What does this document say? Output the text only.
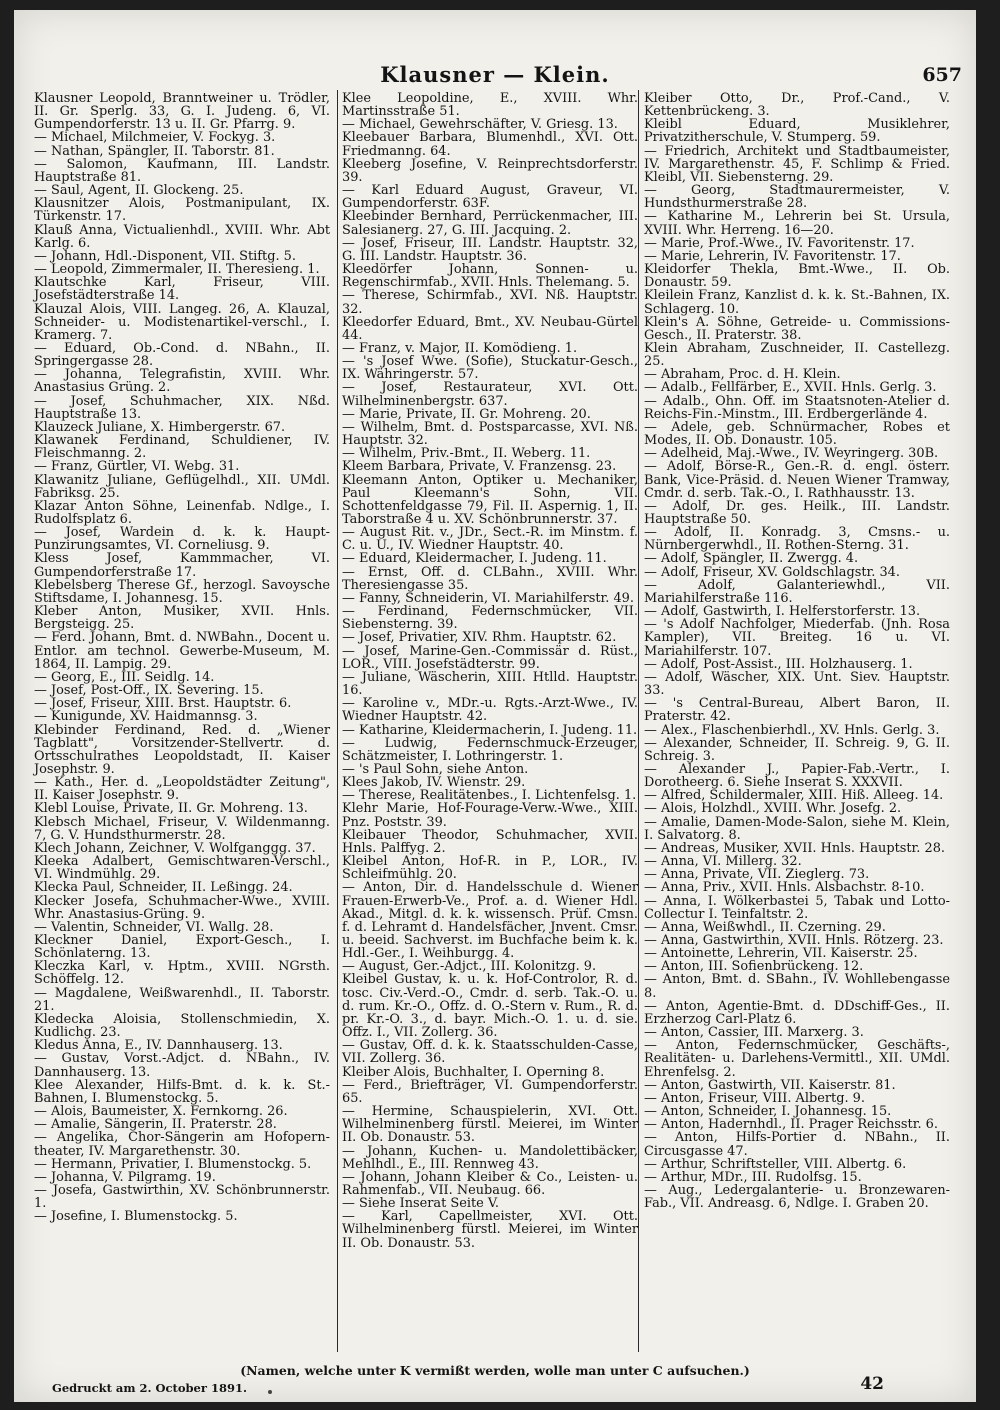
Klausner — Klein.	657
Klausner Leopold, Branntweiner u. Trödler, II. Gr. Sperlg. 33, G. I. Judeng. 6, VI. Gumpendorferstr. 13 u. II. Gr. Pfarrg. 9.
— Michael, Milchmeier, V. Fockyg. 3.
— Nathan, Spängler, II. Taborstr. 81.
— Salomon, Kaufmann, III. Landstr. Hauptstraße 81.
— Saul, Agent, II. Glockeng. 25.
Klausnitzer Alois, Postmanipulant, IX. Türkenstr. 17.
Klauß Anna, Victualienhdl., XVIII. Whr. Abt Karlg. 6.
— Johann, Hdl.-Disponent, VII. Stiftg. 5.
— Leopold, Zimmermaler, II. Theresieng. 1.
Klautschke Karl, Friseur, VIII. Josefstädterstraße 14.
Klauzal Alois, VIII. Langeg. 26, A. Klauzal, Schneider- u. Modistenartikel-verschl., I. Kramerg. 7.
— Eduard, Ob.-Cond. d. NBahn., II. Springergasse 28.
— Johanna, Telegrafistin, XVIII. Whr. Anastasius Grüng. 2.
— Josef, Schuhmacher, XIX. Nßd. Hauptstraße 13.
Klauzeck Juliane, X. Himbergerstr. 67.
Klawanek Ferdinand, Schuldiener, IV. Fleischmanng. 2.
— Franz, Gürtler, VI. Webg. 31.
Klawanitz Juliane, Geflügelhdl., XII. UMdl. Fabriksg. 25.
Klazar Anton Söhne, Leinenfab. Ndlge., I. Rudolfsplatz 6.
— Josef, Wardein d. k. k. Haupt-Punzirungsamtes, VI. Corneliusg. 9.
Kless Josef, Kammmacher, VI. Gumpendorferstraße 17.
Klebelsberg Therese Gf., herzogl. Savoysche Stiftsdame, I. Johannesg. 15.
Kleber Anton, Musiker, XVII. Hnls. Bergsteigg. 25.
— Ferd. Johann, Bmt. d. NWBahn., Docent u. Entlor. am technol. Gewerbe-Museum, M. 1864, II. Lampig. 29.
— Georg, E., III. Seidlg. 14.
— Josef, Post-Off., IX. Severing. 15.
— Josef, Friseur, XIII. Brst. Hauptstr. 6.
— Kunigunde, XV. Haidmannsg. 3.
Klebinder Ferdinand, Red. d. „Wiener Tagblatt", Vorsitzender-Stellvertr. d. Ortsschulrathes Leopoldstadt, II. Kaiser Josephstr. 9.
— Kath., Her. d. „Leopoldstädter Zeitung", II. Kaiser Josephstr. 9.
Klebl Louise, Private, II. Gr. Mohreng. 13.
Klebsch Michael, Friseur, V. Wildenmanng. 7, G. V. Hundsthurmerstr. 28.
Klech Johann, Zeichner, V. Wolfganggg. 37.
Kleeka Adalbert, Gemischtwaren-Verschl., VI. Windmühlg. 29.
Klecka Paul, Schneider, II. Leßingg. 24.
Klecker Josefa, Schuhmacher-Wwe., XVIII. Whr. Anastasius-Grüng. 9.
— Valentin, Schneider, VI. Wallg. 28.
Kleckner Daniel, Export-Gesch., I. Schönlaterng. 13.
Kleczka Karl, v. Hptm., XVIII. NGrsth. Schöffelg. 12.
— Magdalene, Weißwarenhdl., II. Taborstr. 21.
Kledecka Aloisia, Stollenschmiedin, X. Kudlichg. 23.
Kledus Anna, E., IV. Dannhauserg. 13.
— Gustav, Vorst.-Adjct. d. NBahn., IV. Dannhauserg. 13.
Klee Alexander, Hilfs-Bmt. d. k. k. St.-Bahnen, I. Blumenstockg. 5.
— Alois, Baumeister, X. Fernkorng. 26.
— Amalie, Sängerin, II. Praterstr. 28.
— Angelika, Chor-Sängerin am Hofopern-theater, IV. Margarethenstr. 30.
— Hermann, Privatier, I. Blumenstockg. 5.
— Johanna, V. Pilgramg. 19.
— Josefa, Gastwirthin, XV. Schönbrunnerstr. 1.
— Josefine, I. Blumenstockg. 5.
Klee Leopoldine, E., XVIII. Whr. Martinsstraße 51.
— Michael, Gewehrschäfter, V. Griesg. 13.
Kleebauer Barbara, Blumenhdl., XVI. Ott. Friedmanng. 64.
Kleeberg Josefine, V. Reinprechtsdorferstr. 39.
— Karl Eduard August, Graveur, VI. Gumpendorferstr. 63F.
Kleebinder Bernhard, Perrückenmacher, III. Salesianerg. 27, G. III. Jacquing. 2.
— Josef, Friseur, III. Landstr. Hauptstr. 32, G. III. Landstr. Hauptstr. 36.
Kleedörfer Johann, Sonnen- u. Regenschirmfab., XVII. Hnls. Thelemang. 5.
— Therese, Schirmfab., XVI. Nß. Hauptstr. 32.
Kleedorfer Eduard, Bmt., XV. Neubau-Gürtel 44.
— Franz, v. Major, II. Komödieng. 1.
— 's Josef Wwe. (Sofie), Stuckatur-Gesch., IX. Währingerstr. 57.
— Josef, Restaurateur, XVI. Ott. Wilhelminenbergstr. 637.
— Marie, Private, II. Gr. Mohreng. 20.
— Wilhelm, Bmt. d. Postsparcasse, XVI. Nß. Hauptstr. 32.
— Wilhelm, Priv.-Bmt., II. Weberg. 11.
Kleem Barbara, Private, V. Franzensg. 23.
Kleemann Anton, Optiker u. Mechaniker, Paul Kleemann's Sohn, VII. Schottenfeldgasse 79, Fil. II. Aspernig. 1, II. Taborstraße 4 u. XV. Schönbrunnerstr. 37.
— August Rit. v., JDr., Sect.-R. im Minstm. f. C. u. U., IV. Wiedner Hauptstr. 40.
— Eduard, Kleidermacher, I. Judeng. 11.
— Ernst, Off. d. CLBahn., XVIII. Whr. Theresiengasse 35.
— Fanny, Schneiderin, VI. Mariahilferstr. 49.
— Ferdinand, Federnschmücker, VII. Siebensterng. 39.
— Josef, Privatier, XIV. Rhm. Hauptstr. 62.
— Josef, Marine-Gen.-Commissär d. Rüst., LOR., VIII. Josefstädterstr. 99.
— Juliane, Wäscherin, XIII. Htlld. Hauptstr. 16.
— Karoline v., MDr.-u. Rgts.-Arzt-Wwe., IV. Wiedner Hauptstr. 42.
— Katharine, Kleidermacherin, I. Judeng. 11.
— Ludwig, Federnschmuck-Erzeuger, Schätzmeister, I. Lothringerstr. 1.
— 's Paul Sohn, siehe Anton.
Klees Jakob, IV. Wienstr. 29.
— Therese, Realitätenbes., I. Lichtenfelsg. 1.
Klehr Marie, Hof-Fourage-Verw.-Wwe., XIII. Pnz. Poststr. 39.
Kleibauer Theodor, Schuhmacher, XVII. Hnls. Palffyg. 2.
Kleibel Anton, Hof-R. in P., LOR., IV. Schleifmühlg. 20.
— Anton, Dir. d. Handelsschule d. Wiener Frauen-Erwerb-Ve., Prof. a. d. Wiener Hdl. Akad., Mitgl. d. k. k. wissensch. Prüf. Cmsn. f. d. Lehramt d. Handelsfächer, Jnvent. Cmsr. u. beeid. Sachverst. im Buchfache beim k. k. Hdl.-Ger., I. Weihburgg. 4.
— August, Ger.-Adjct., III. Kolonitzg. 9.
Kleibel Gustav, k. u. k. Hof-Controlor, R. d. tosc. Civ.-Verd.-O., Cmdr. d. serb. Tak.-O. u. d. rum. Kr.-O., Offz. d. O.-Stern v. Rum., R. d. pr. Kr.-O. 3., d. bayr. Mich.-O. 1. u. d. sie. Offz. I., VII. Zollerg. 36.
— Gustav, Off. d. k. k. Staatsschulden-Casse, VII. Zollerg. 36.
Kleiber Alois, Buchhalter, I. Operning 8.
— Ferd., Briefträger, VI. Gumpendorferstr. 65.
— Hermine, Schauspielerin, XVI. Ott. Wilhelminenberg fürstl. Meierei, im Winter II. Ob. Donaustr. 53.
— Johann, Kuchen- u. Mandolettibäcker, Mehlhdl., E., III. Rennweg 43.
— Johann, Johann Kleiber & Co., Leisten- u. Rahmenfab., VII. Neubaug. 66.
— Siehe Inserat Seite V.
— Karl, Capellmeister, XVI. Ott. Wilhelminenberg fürstl. Meierei, im Winter II. Ob. Donaustr. 53.
Kleiber Otto, Dr., Prof.-Cand., V. Kettenbrückeng. 3.
Kleibl Eduard, Musiklehrer, Privatzitherschule, V. Stumperg. 59.
— Friedrich, Architekt und Stadtbaumeister, IV. Margarethenstr. 45, F. Schlimp & Fried. Kleibl, VII. Siebensterng. 29.
— Georg, Stadtmaurermeister, V. Hundsthurmerstraße 28.
— Katharine M., Lehrerin bei St. Ursula, XVIII. Whr. Herreng. 16—20.
— Marie, Prof.-Wwe., IV. Favoritenstr. 17.
— Marie, Lehrerin, IV. Favoritenstr. 17.
Kleidorfer Thekla, Bmt.-Wwe., II. Ob. Donaustr. 59.
Kleilein Franz, Kanzlist d. k. k. St.-Bahnen, IX. Schlagerg. 10.
Klein's A. Söhne, Getreide- u. Commissions-Gesch., II. Praterstr. 38.
Klein Abraham, Zuschneider, II. Castellezg. 25.
— Abraham, Proc. d. H. Klein.
— Adalb., Fellfärber, E., XVII. Hnls. Gerlg. 3.
— Adalb., Ohn. Off. im Staatsnoten-Atelier d. Reichs-Fin.-Minstm., III. Erdbergerlände 4.
— Adele, geb. Schnürmacher, Robes et Modes, II. Ob. Donaustr. 105.
— Adelheid, Maj.-Wwe., IV. Weyringerg. 30B.
— Adolf, Börse-R., Gen.-R. d. engl. österr. Bank, Vice-Präsid. d. Neuen Wiener Tramway, Cmdr. d. serb. Tak.-O., I. Rathhausstr. 13.
— Adolf, Dr. ges. Heilk., III. Landstr. Hauptstraße 50.
— Adolf, II. Konradg. 3, Cmsns.- u. Nürnbergerwhdl., II. Rothen-Sterng. 31.
— Adolf, Spängler, II. Zwergg. 4.
— Adolf, Friseur, XV. Goldschlagstr. 34.
— Adolf, Galanteriewhdl., VII. Mariahilferstraße 116.
— Adolf, Gastwirth, I. Helferstorferstr. 13.
— 's Adolf Nachfolger, Miederfab. (Jnh. Rosa Kampler), VII. Breiteg. 16 u. VI. Mariahilferstr. 107.
— Adolf, Post-Assist., III. Holzhauserg. 1.
— Adolf, Wäscher, XIX. Unt. Siev. Hauptstr. 33.
— 's Central-Bureau, Albert Baron, II. Praterstr. 42.
— Alex., Flaschenbierhdl., XV. Hnls. Gerlg. 3.
— Alexander, Schneider, II. Schreig. 9, G. II. Schreig. 3.
— Alexander J., Papier-Fab.-Vertr., I. Dorotheerg. 6. Siehe Inserat S. XXXVII.
— Alfred, Schildermaler, XIII. Hiß. Alleeg. 14.
— Alois, Holzhdl., XVIII. Whr. Josefg. 2.
— Amalie, Damen-Mode-Salon, siehe M. Klein, I. Salvatorg. 8.
— Andreas, Musiker, XVII. Hnls. Hauptstr. 28.
— Anna, VI. Millerg. 32.
— Anna, Private, VII. Zieglerg. 73.
— Anna, Priv., XVII. Hnls. Alsbachstr. 8-10.
— Anna, I. Wölkerbastei 5, Tabak und Lotto-Collectur I. Teinfaltstr. 2.
— Anna, Weißwhdl., II. Czerning. 29.
— Anna, Gastwirthin, XVII. Hnls. Rötzerg. 23.
— Antoinette, Lehrerin, VII. Kaiserstr. 25.
— Anton, III. Sofienbrückeng. 12.
— Anton, Bmt. d. SBahn., IV. Wohllebengasse 8.
— Anton, Agentie-Bmt. d. DDschiff-Ges., II. Erzherzog Carl-Platz 6.
— Anton, Cassier, III. Marxerg. 3.
— Anton, Federnschmücker, Geschäfts-, Realitäten- u. Darlehens-Vermittl., XII. UMdl. Ehrenfelsg. 2.
— Anton, Gastwirth, VII. Kaiserstr. 81.
— Anton, Friseur, VIII. Albertg. 9.
— Anton, Schneider, I. Johannesg. 15.
— Anton, Hadernhdl., II. Prager Reichsstr. 6.
— Anton, Hilfs-Portier d. NBahn., II. Circusgasse 47.
— Arthur, Schriftsteller, VIII. Albertg. 6.
— Arthur, MDr., III. Rudolfsg. 15.
— Aug., Ledergalanterie- u. Bronzewaren-Fab., VII. Andreasg. 6, Ndlge. I. Graben 20.
(Namen, welche unter K vermißt werden, wolle man unter C aufsuchen.)
Gedruckt am 2. October 1891.	42
